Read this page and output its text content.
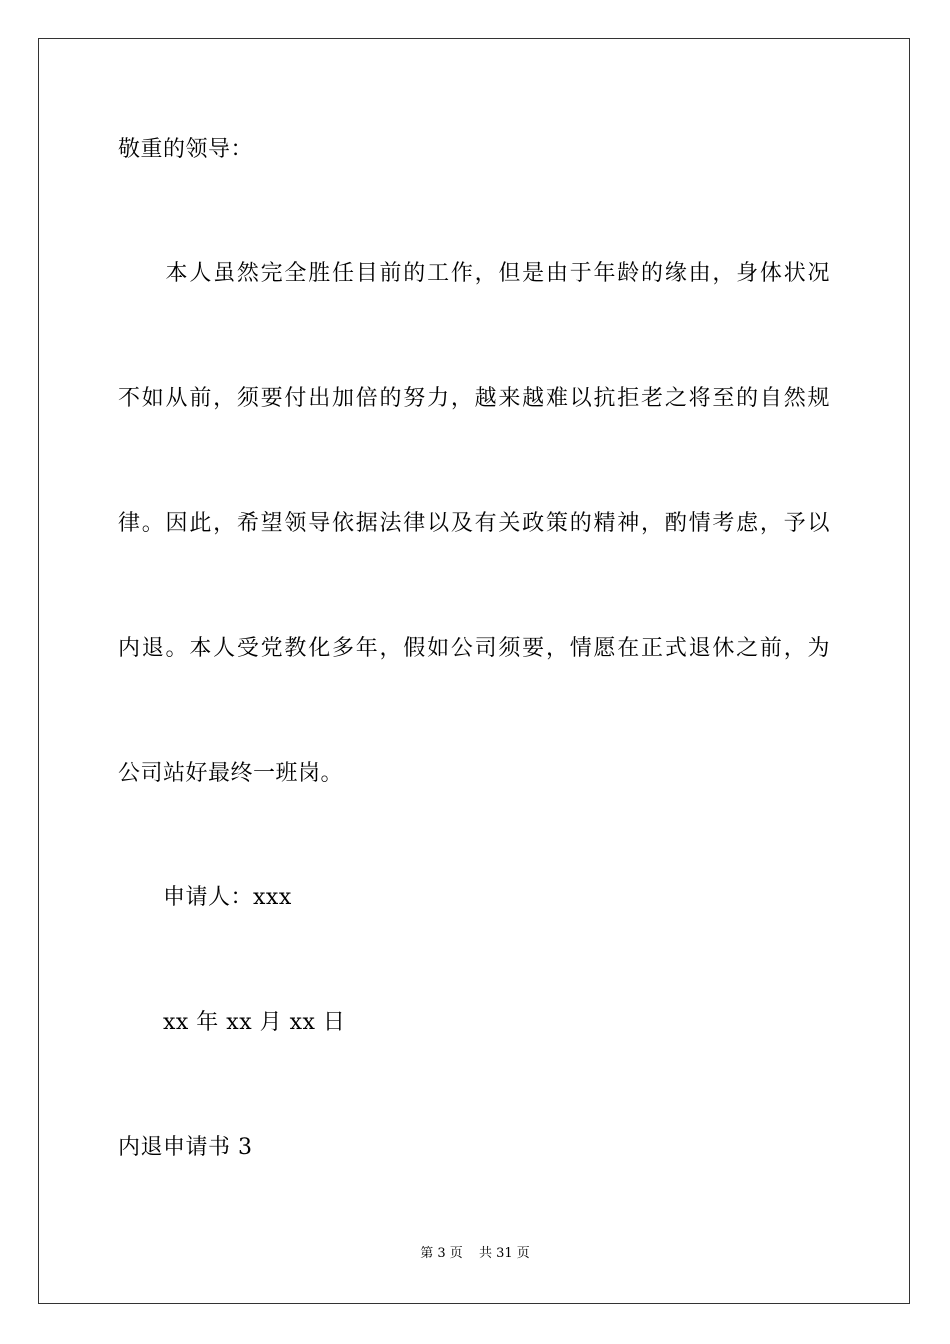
敬重的领导：
　　本人虽然完全胜任目前的工作，但是由于年龄的缘由，身体状况
不如从前，须要付出加倍的努力，越来越难以抗拒老之将至的自然规
律。因此，希望领导依据法律以及有关政策的精神，酌情考虑，予以
内退。本人受党教化多年，假如公司须要，情愿在正式退休之前，为
公司站好最终一班岗。
　　申请人：xxx
　　xx 年 xx 月 xx 日
内退申请书 3
第 3 页 共 31 页
